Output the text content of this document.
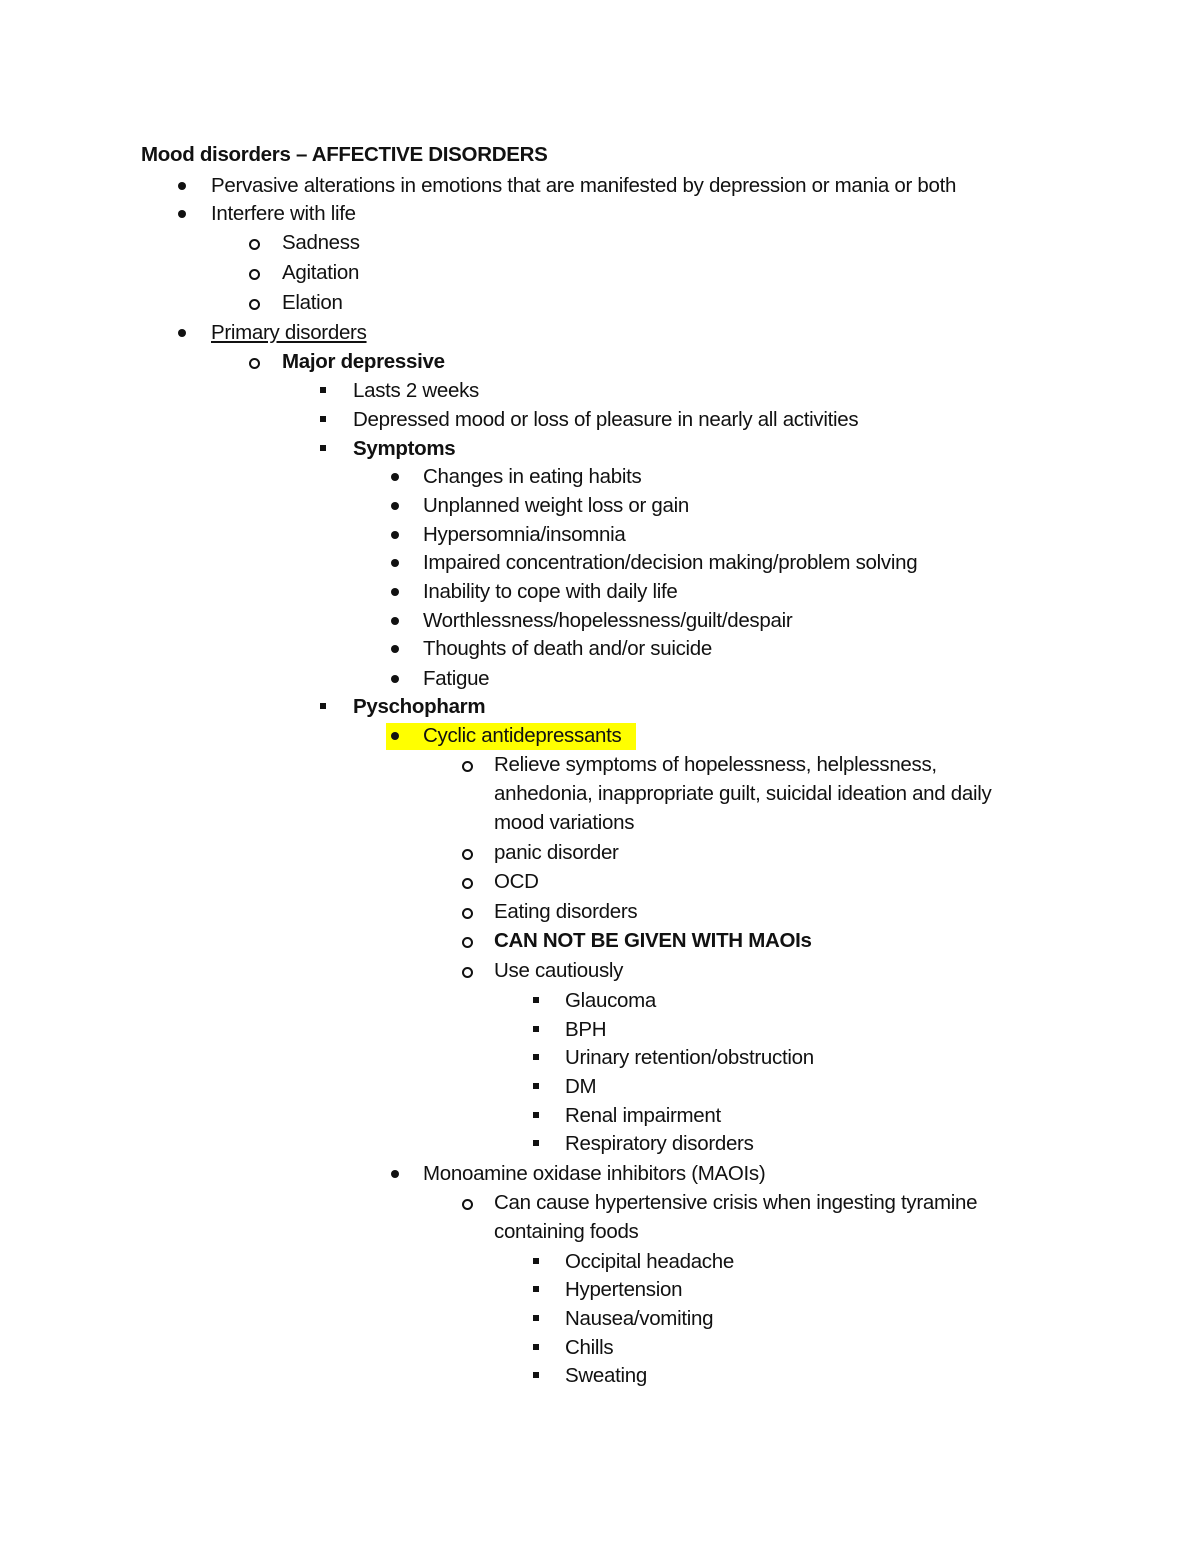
Mood disorders – AFFECTIVE DISORDERS
Pervasive alterations in emotions that are manifested by depression or mania or both
Interfere with life
Sadness
Agitation
Elation
Primary disorders
Major depressive
Lasts 2 weeks
Depressed mood or loss of pleasure in nearly all activities
Symptoms
Changes in eating habits
Unplanned weight loss or gain
Hypersomnia/insomnia
Impaired concentration/decision making/problem solving
Inability to cope with daily life
Worthlessness/hopelessness/guilt/despair
Thoughts of death and/or suicide
Fatigue
Pyschopharm
Cyclic antidepressants
Relieve symptoms of hopelessness, helplessness,
anhedonia, inappropriate guilt, suicidal ideation and daily
mood variations
panic disorder
OCD
Eating disorders
CAN NOT BE GIVEN WITH MAOIs
Use cautiously
Glaucoma
BPH
Urinary retention/obstruction
DM
Renal impairment
Respiratory disorders
Monoamine oxidase inhibitors (MAOIs)
Can cause hypertensive crisis when ingesting tyramine
containing foods
Occipital headache
Hypertension
Nausea/vomiting
Chills
Sweating
